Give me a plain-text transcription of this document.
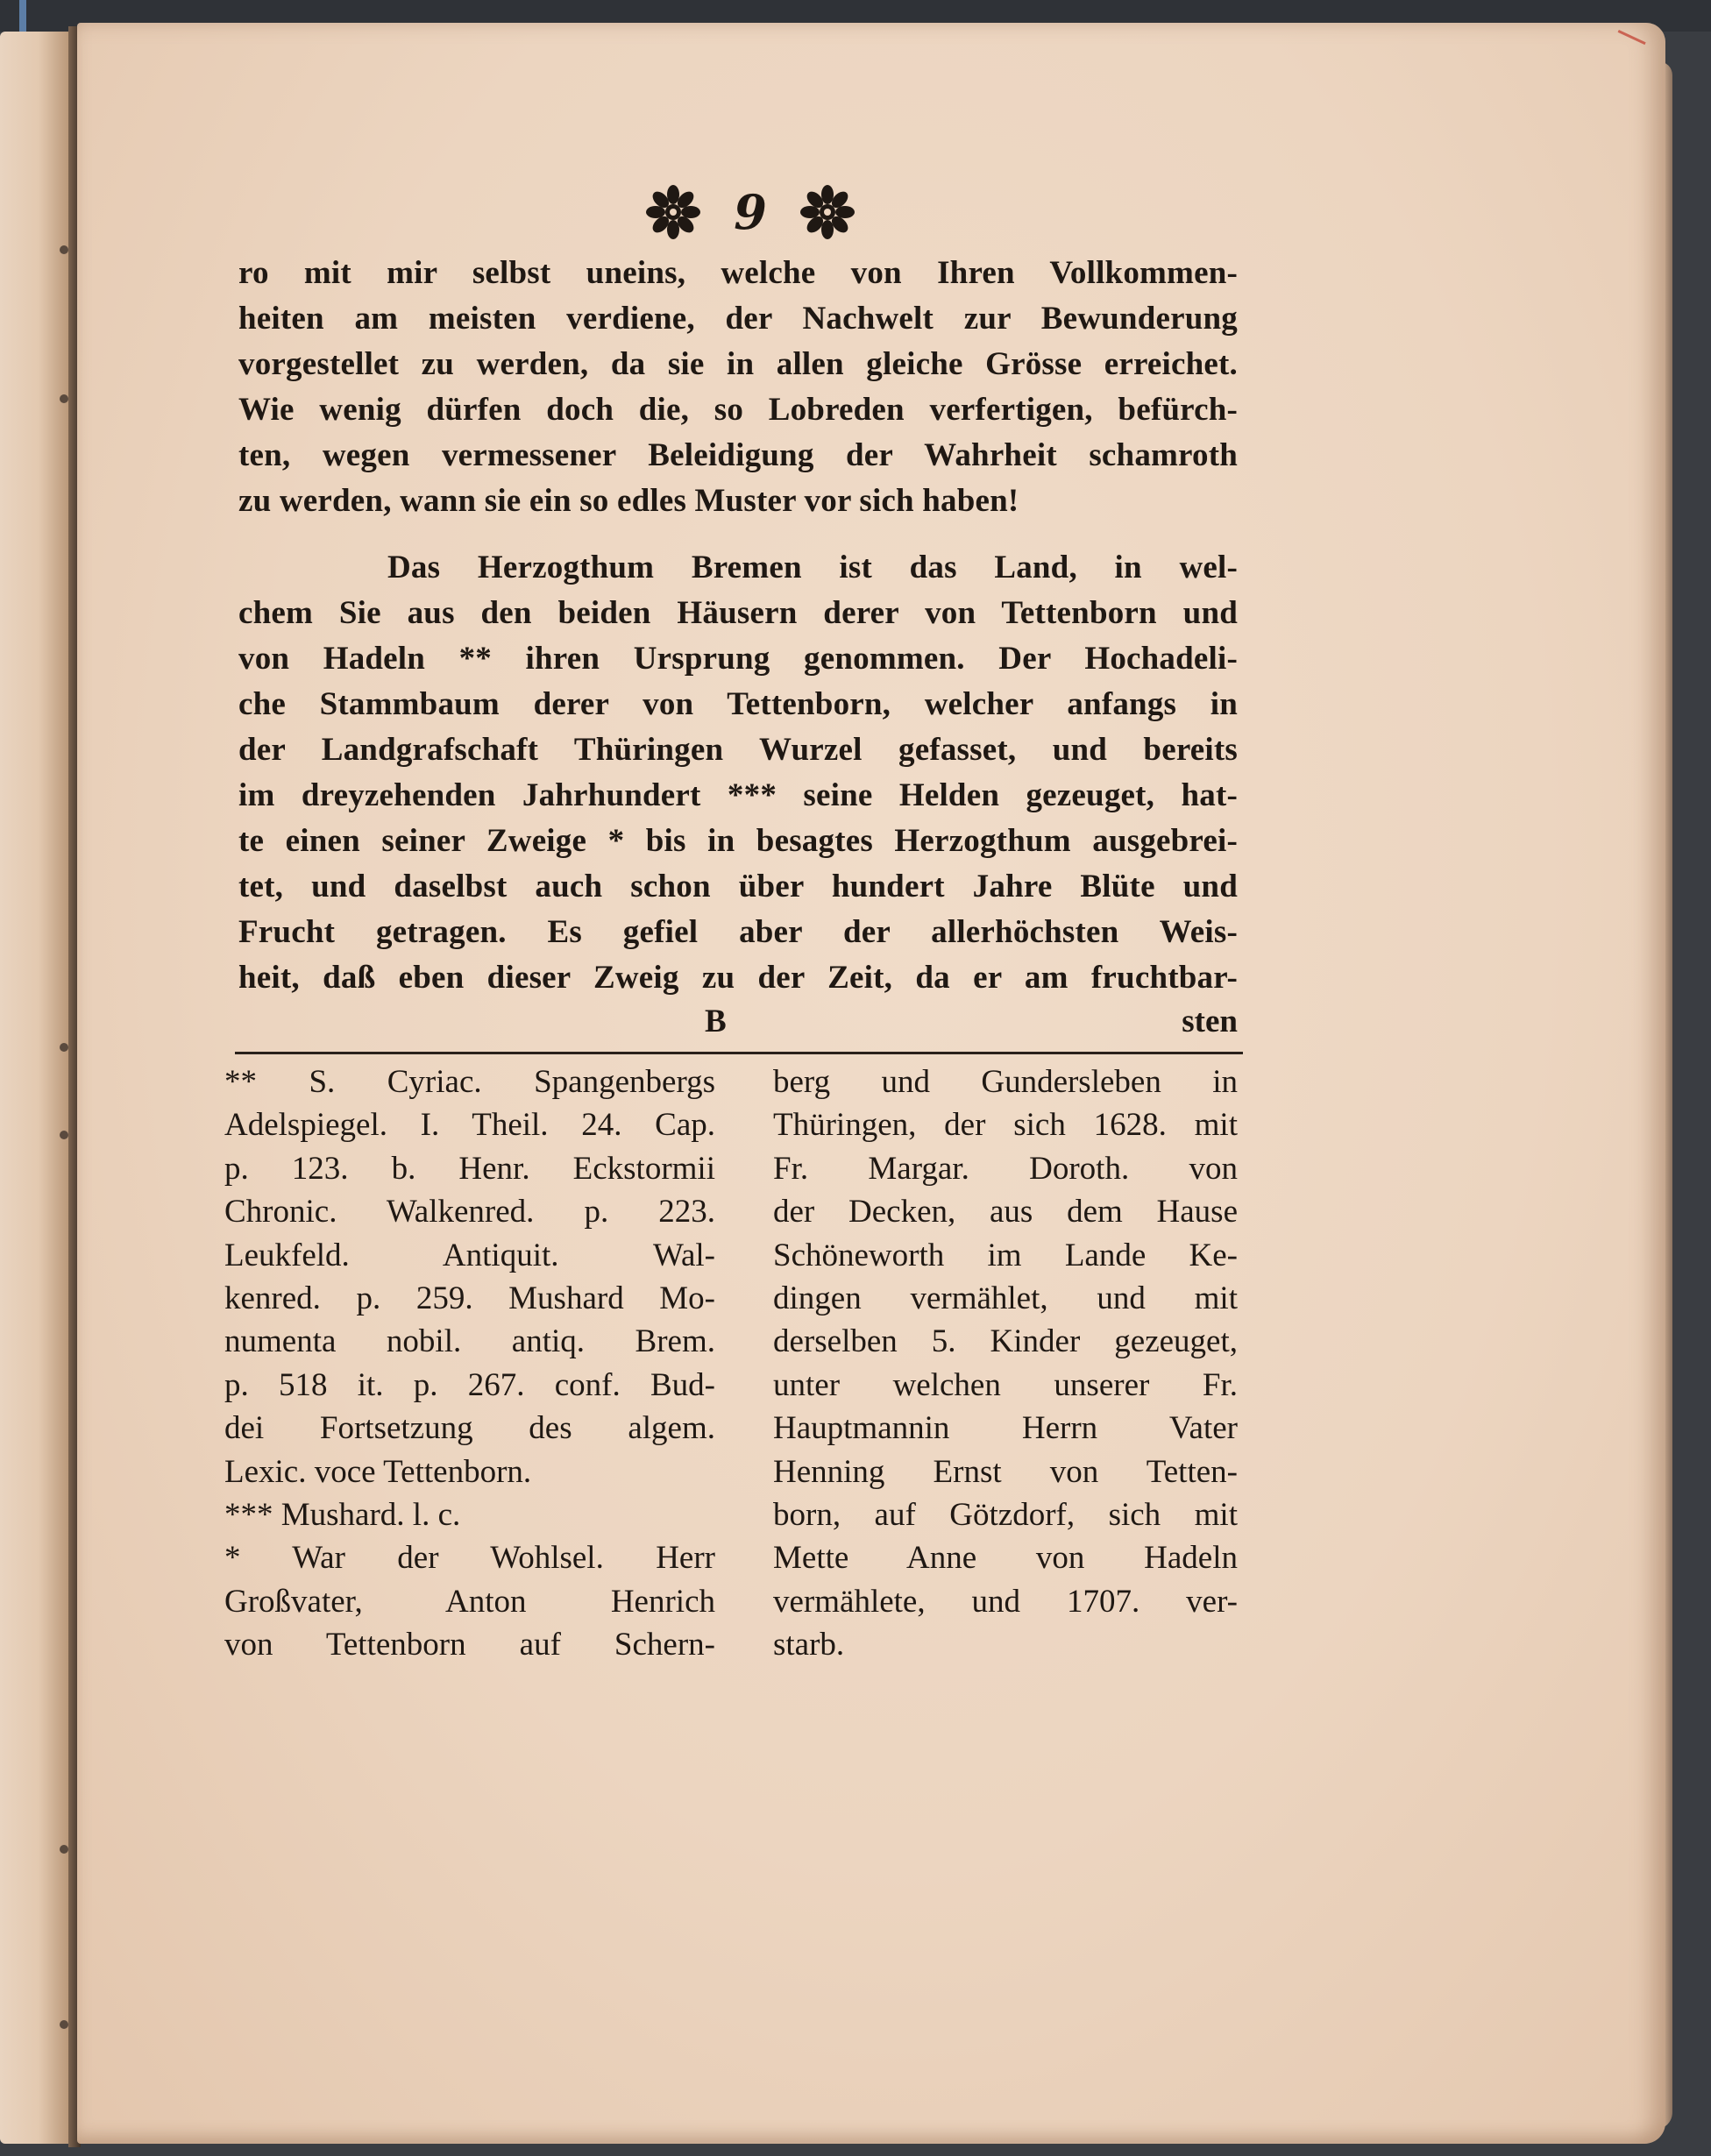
9
ro mit mir selbst uneins, welche von Ihren Vollkommen-
heiten am meisten verdiene, der Nachwelt zur Bewunderung
vorgestellet zu werden, da sie in allen gleiche Grösse erreichet.
Wie wenig dürfen doch die, so Lobreden verfertigen, befürch-
ten, wegen vermessener Beleidigung der Wahrheit schamroth
zu werden, wann sie ein so edles Muster vor sich haben!
Das Herzogthum Bremen ist das Land, in wel-
chem Sie aus den beiden Häusern derer von Tettenborn und
von Hadeln ** ihren Ursprung genommen. Der Hochadeli-
che Stammbaum derer von Tettenborn, welcher anfangs in
der Landgrafschaft Thüringen Wurzel gefasset, und bereits
im dreyzehenden Jahrhundert *** seine Helden gezeuget, hat-
te einen seiner Zweige * bis in besagtes Herzogthum ausgebrei-
tet, und daselbst auch schon über hundert Jahre Blüte und
Frucht getragen. Es gefiel aber der allerhöchsten Weis-
heit, daß eben dieser Zweig zu der Zeit, da er am fruchtbar-
B	sten
** S. Cyriac. Spangenbergs
Adelspiegel. I. Theil. 24. Cap.
p. 123. b. Henr. Eckstormii
Chronic. Walkenred. p. 223.
Leukfeld. Antiquit. Wal-
kenred. p. 259. Mushard Mo-
numenta nobil. antiq. Brem.
p. 518 it. p. 267. conf. Bud-
dei Fortsetzung des algem.
Lexic. voce Tettenborn.
*** Mushard. l. c.
* War der Wohlsel. Herr
Großvater, Anton Henrich
von Tettenborn auf Schern-
berg und Gundersleben in
Thüringen, der sich 1628. mit
Fr. Margar. Doroth. von
der Decken, aus dem Hause
Schöneworth im Lande Ke-
dingen vermählet, und mit
derselben 5. Kinder gezeuget,
unter welchen unserer Fr.
Hauptmannin Herrn Vater
Henning Ernst von Tetten-
born, auf Götzdorf, sich mit
Mette Anne von Hadeln
vermählete, und 1707. ver-
starb.
